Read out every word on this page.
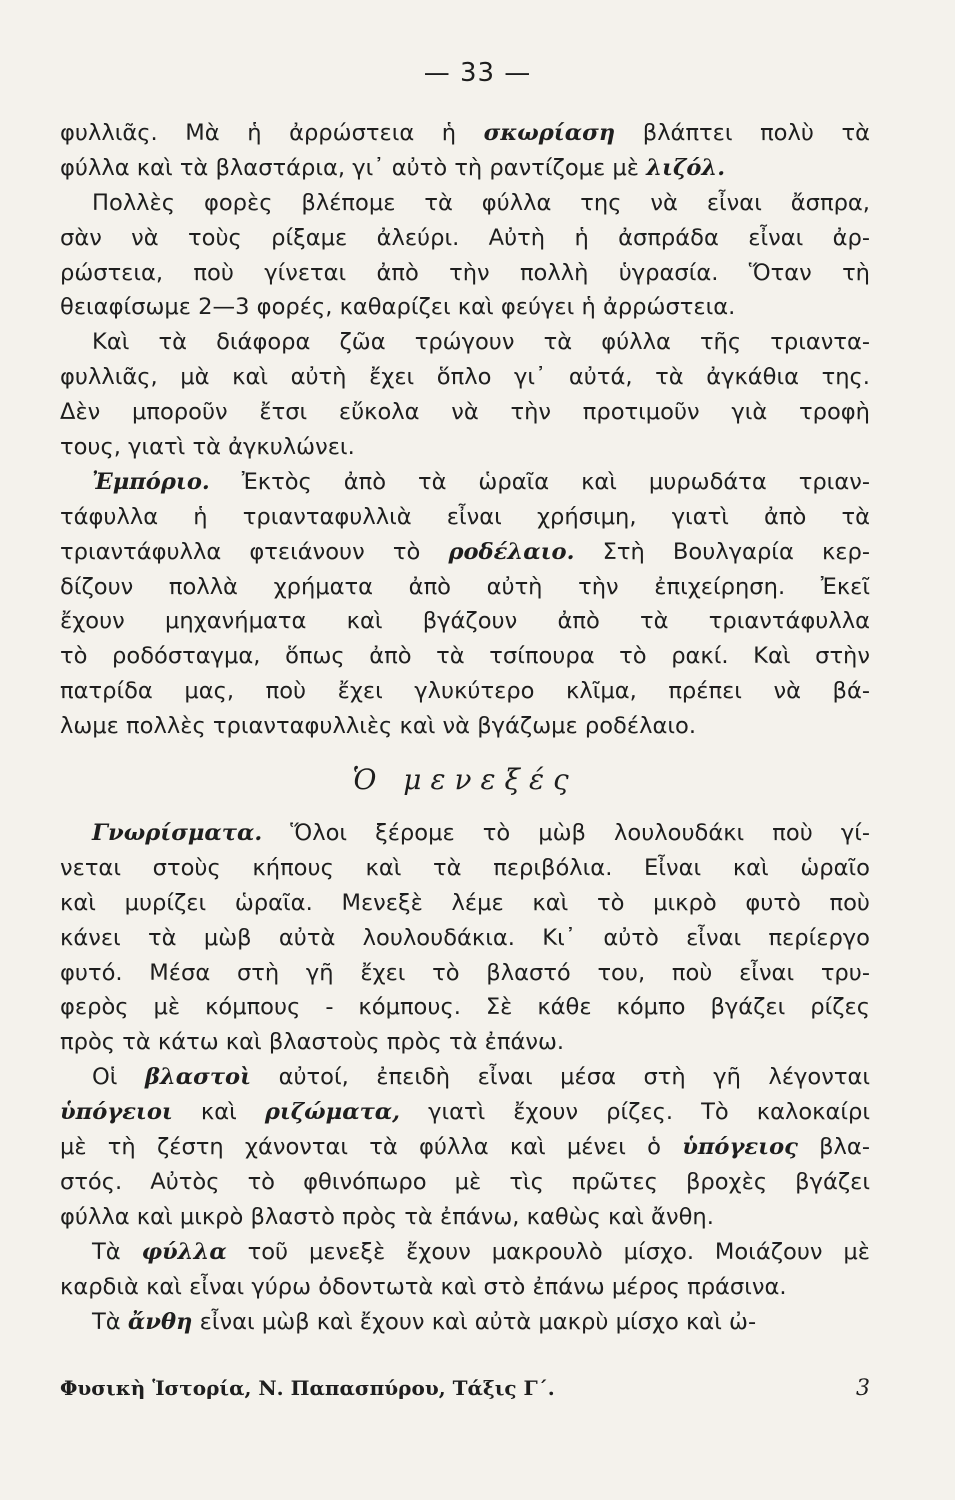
— 33 —
φυλλιᾶς. Μὰ ἡ ἀρρώστεια ἡ σκωρίαση βλάπτει πολὺ τὰ
φύλλα καὶ τὰ βλαστάρια, γι᾽ αὐτὸ τὴ ραντίζομε μὲ λιζόλ.
Πολλὲς φορὲς βλέπομε τὰ φύλλα της νὰ εἶναι ἄσπρα,
σὰν νὰ τοὺς ρίξαμε ἀλεύρι. Αὐτὴ ἡ ἀσπράδα εἶναι ἀρ-
ρώστεια, ποὺ γίνεται ἀπὸ τὴν πολλὴ ὑγρασία. Ὅταν τὴ
θειαφίσωμε 2—3 φορές, καθαρίζει καὶ φεύγει ἡ ἀρρώστεια.
Καὶ τὰ διάφορα ζῶα τρώγουν τὰ φύλλα τῆς τριαντα-
φυλλιᾶς, μὰ καὶ αὐτὴ ἔχει ὅπλο γι᾽ αὐτά, τὰ ἀγκάθια της.
Δὲν μποροῦν ἔτσι εὔκολα νὰ τὴν προτιμοῦν γιὰ τροφὴ
τους, γιατὶ τὰ ἀγκυλώνει.
Ἐμπόριο. Ἐκτὸς ἀπὸ τὰ ὡραῖα καὶ μυρωδάτα τριαν-
τάφυλλα ἡ τριανταφυλλιὰ εἶναι χρήσιμη, γιατὶ ἀπὸ τὰ
τριαντάφυλλα φτειάνουν τὸ ροδέλαιο. Στὴ Βουλγαρία κερ-
δίζουν πολλὰ χρήματα ἀπὸ αὐτὴ τὴν ἐπιχείρηση. Ἐκεῖ
ἔχουν μηχανήματα καὶ βγάζουν ἀπὸ τὰ τριαντάφυλλα
τὸ ροδόσταγμα, ὅπως ἀπὸ τὰ τσίπουρα τὸ ρακί. Καὶ στὴν
πατρίδα μας, ποὺ ἔχει γλυκύτερο κλῖμα, πρέπει νὰ βά-
λωμε πολλὲς τριανταφυλλιὲς καὶ νὰ βγάζωμε ροδέλαιο.
Ὁ μενεξές
Γνωρίσματα. Ὅλοι ξέρομε τὸ μὼβ λουλουδάκι ποὺ γί-
νεται στοὺς κήπους καὶ τὰ περιβόλια. Εἶναι καὶ ὡραῖο
καὶ μυρίζει ὡραῖα. Μενεξὲ λέμε καὶ τὸ μικρὸ φυτὸ ποὺ
κάνει τὰ μὼβ αὐτὰ λουλουδάκια. Κι᾽ αὐτὸ εἶναι περίεργο
φυτό. Μέσα στὴ γῆ ἔχει τὸ βλαστό του, ποὺ εἶναι τρυ-
φερὸς μὲ κόμπους - κόμπους. Σὲ κάθε κόμπο βγάζει ρίζες
πρὸς τὰ κάτω καὶ βλαστοὺς πρὸς τὰ ἐπάνω.
Οἱ βλαστοὶ αὐτοί, ἐπειδὴ εἶναι μέσα στὴ γῆ λέγονται
ὑπόγειοι καὶ ριζώματα, γιατὶ ἔχουν ρίζες. Τὸ καλοκαίρι
μὲ τὴ ζέστη χάνονται τὰ φύλλα καὶ μένει ὁ ὑπόγειος βλα-
στός. Αὐτὸς τὸ φθινόπωρο μὲ τὶς πρῶτες βροχὲς βγάζει
φύλλα καὶ μικρὸ βλαστὸ πρὸς τὰ ἐπάνω, καθὼς καὶ ἄνθη.
Τὰ φύλλα τοῦ μενεξὲ ἔχουν μακρουλὸ μίσχο. Μοιάζουν μὲ
καρδιὰ καὶ εἶναι γύρω ὀδοντωτὰ καὶ στὸ ἐπάνω μέρος πράσινα.
Τὰ ἄνθη εἶναι μὼβ καὶ ἔχουν καὶ αὐτὰ μακρὺ μίσχο καὶ ὠ-
Φυσικὴ Ἱστορία, Ν. Παπασπύρου, Τάξις Γ΄.	3
